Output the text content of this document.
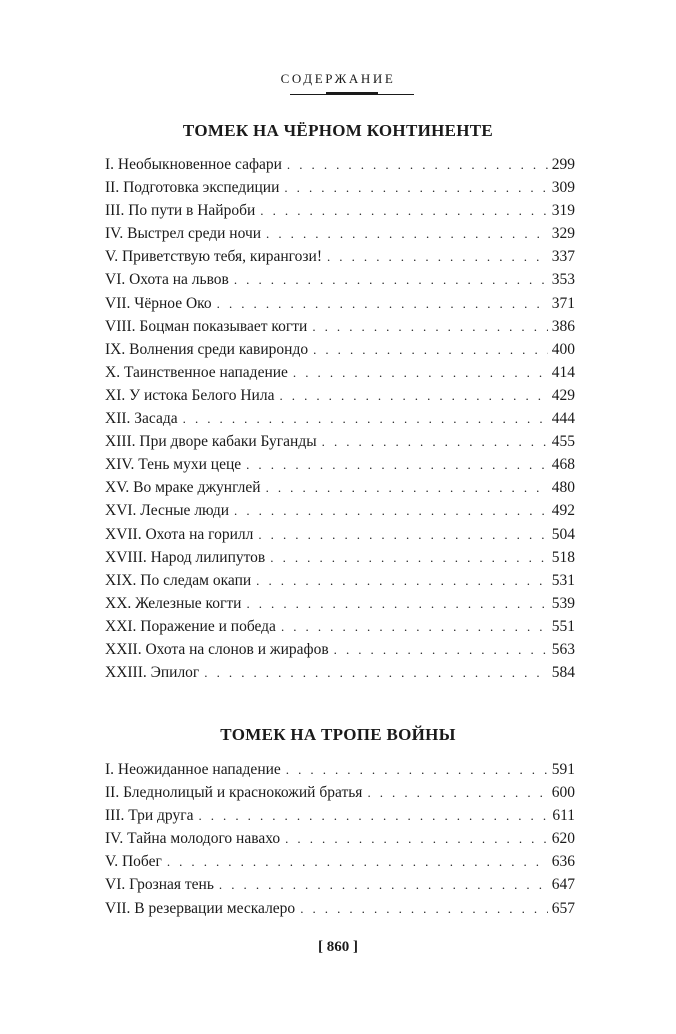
СОДЕРЖАНИЕ
ТОМЕК НА ЧЁРНОМ КОНТИНЕНТЕ
I. Необыкновенное сафари . . .	299
II. Подготовка экспедиции . . .	309
III. По пути в Найроби . . .	319
IV. Выстрел среди ночи . . .	329
V. Приветствую тебя, кирангози! . . .	337
VI. Охота на львов . . .	353
VII. Чёрное Око . . .	371
VIII. Боцман показывает когти . . .	386
IX. Волнения среди кавирондо . . .	400
X. Таинственное нападение . . .	414
XI. У истока Белого Нила . . .	429
XII. Засада . . .	444
XIII. При дворе кабаки Буганды . . .	455
XIV. Тень мухи цеце . . .	468
XV. Во мраке джунглей . . .	480
XVI. Лесные люди . . .	492
XVII. Охота на горилл . . .	504
XVIII. Народ лилипутов . . .	518
XIX. По следам окапи . . .	531
XX. Железные когти . . .	539
XXI. Поражение и победа . . .	551
XXII. Охота на слонов и жирафов . . .	563
XXIII. Эпилог . . .	584
ТОМЕК НА ТРОПЕ ВОЙНЫ
I. Неожиданное нападение . . .	591
II. Бледнолицый и краснокожий братья . . .	600
III. Три друга . . .	611
IV. Тайна молодого навахо . . .	620
V. Побег . . .	636
VI. Грозная тень . . .	647
VII. В резервации мескалеро . . .	657
[ 860 ]
